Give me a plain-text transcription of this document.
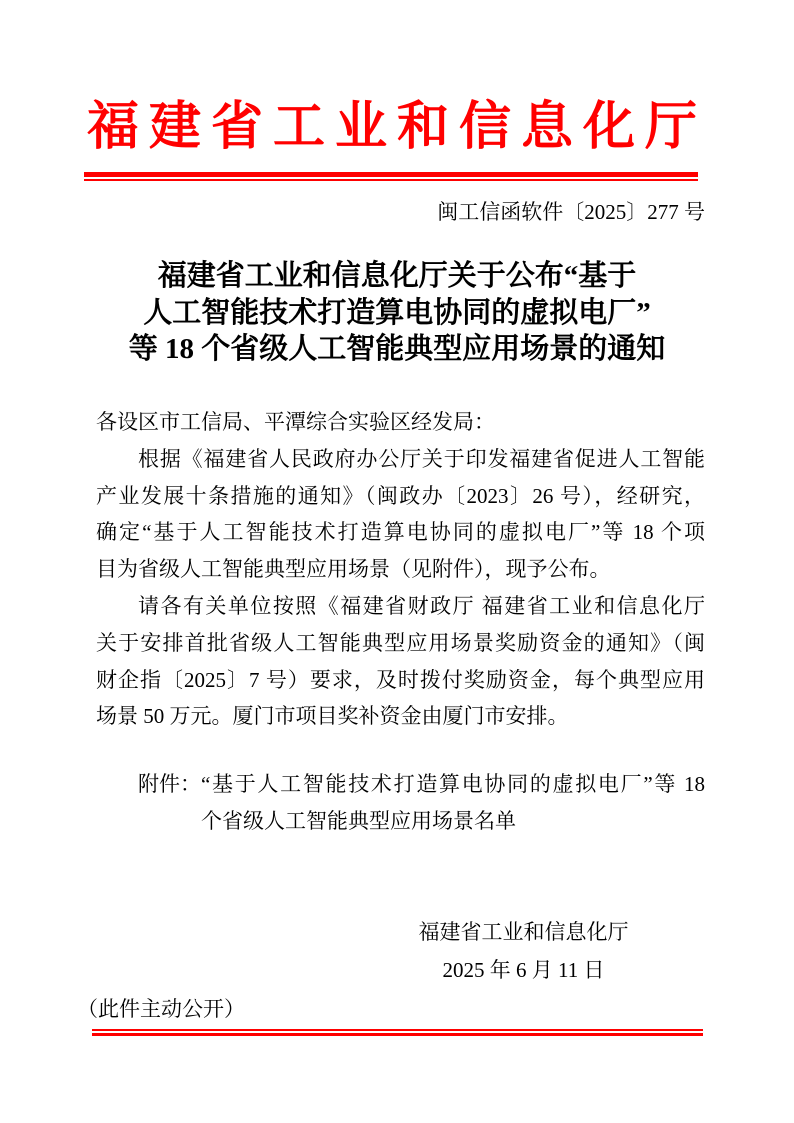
福建省工业和信息化厅
闽工信函软件〔2025〕277 号
福建省工业和信息化厅关于公布“基于
人工智能技术打造算电协同的虚拟电厂”
等 18 个省级人工智能典型应用场景的通知
各设区市工信局、平潭综合实验区经发局：
根据《福建省人民政府办公厅关于印发福建省促进人工智能
产业发展十条措施的通知》（闽政办〔2023〕26 号），经研究，
确定“基于人工智能技术打造算电协同的虚拟电厂”等 18 个项
目为省级人工智能典型应用场景（见附件），现予公布。
请各有关单位按照《福建省财政厅 福建省工业和信息化厅
关于安排首批省级人工智能典型应用场景奖励资金的通知》（闽
财企指〔2025〕7 号）要求，及时拨付奖励资金，每个典型应用
场景 50 万元。厦门市项目奖补资金由厦门市安排。
附件： “基于人工智能技术打造算电协同的虚拟电厂”等 18
个省级人工智能典型应用场景名单
福建省工业和信息化厅
2025 年 6 月 11 日
（此件主动公开）
